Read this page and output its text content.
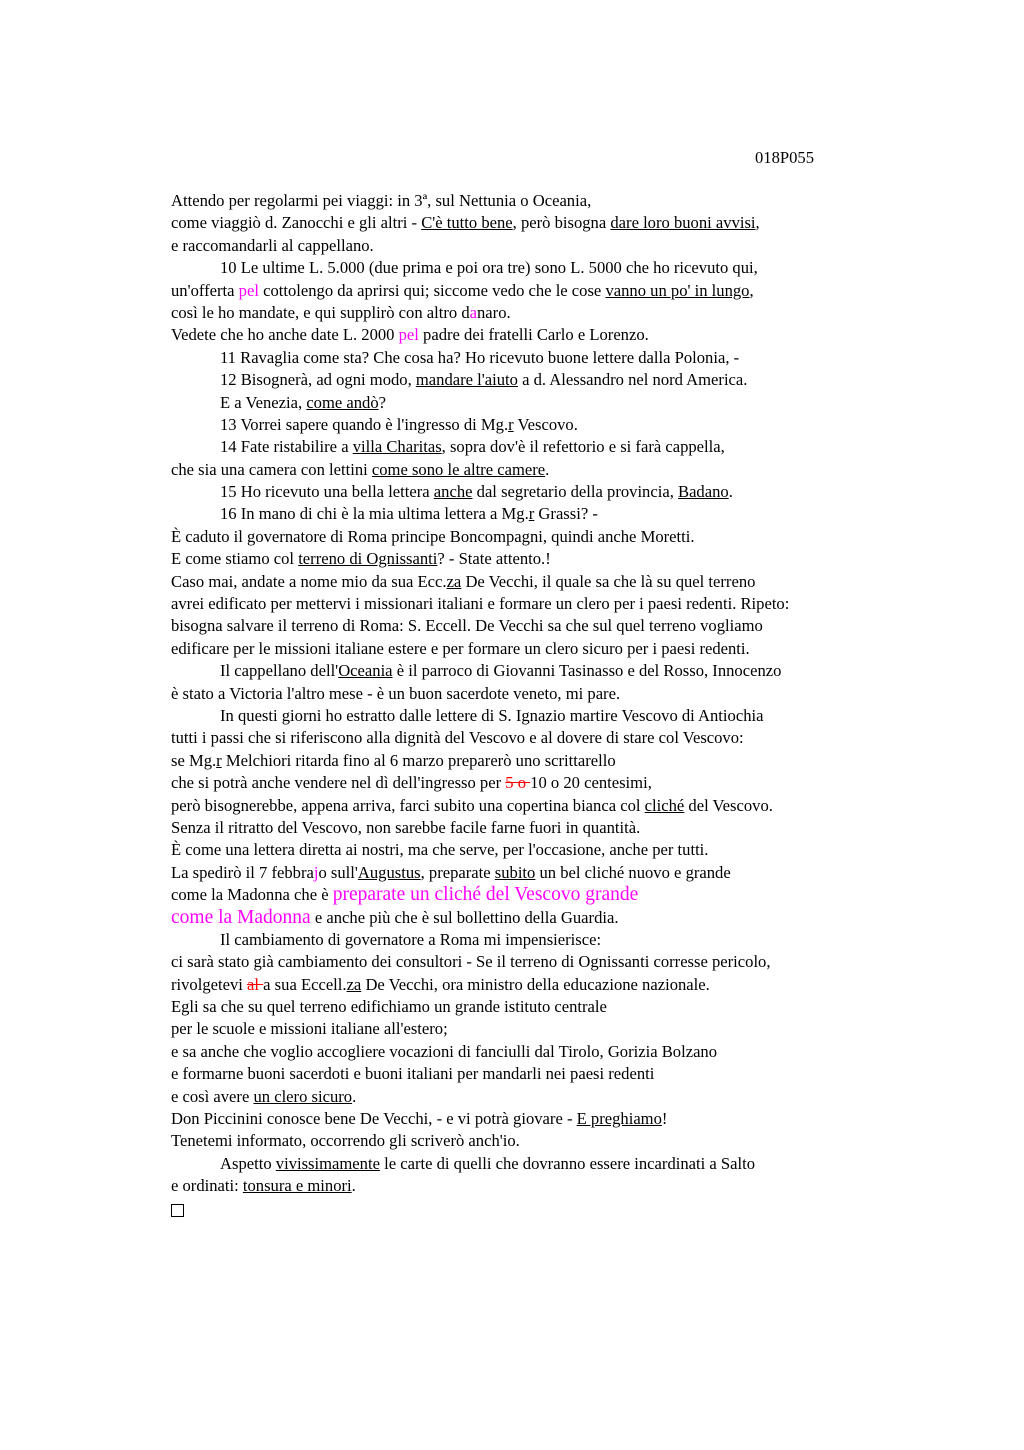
018P055
Attendo per regolarmi pei viaggi: in 3ª, sul Nettunia o Oceania,
come viaggiò d. Zanocchi e gli altri - C'è tutto bene, però bisogna dare loro buoni avvisi,
e raccomandarli al cappellano.
10 Le ultime L. 5.000 (due prima e poi ora tre) sono L. 5000 che ho ricevuto qui,
un'offerta pel cottolengo da aprirsi qui; siccome vedo che le cose vanno un po' in lungo,
così le ho mandate, e qui supplirò con altro danaro.
Vedete che ho anche date L. 2000 pel padre dei fratelli Carlo e Lorenzo.
11 Ravaglia come sta? Che cosa ha? Ho ricevuto buone lettere dalla Polonia, -
12 Bisognerà, ad ogni modo, mandare l'aiuto a d. Alessandro nel nord America.
E a Venezia, come andò?
13 Vorrei sapere quando è l'ingresso di Mg.r Vescovo.
14 Fate ristabilire a villa Charitas, sopra dov'è il refettorio e si farà cappella,
che sia una camera con lettini come sono le altre camere.
15 Ho ricevuto una bella lettera anche dal segretario della provincia, Badano.
16 In mano di chi è la mia ultima lettera a Mg.r Grassi? -
È caduto il governatore di Roma principe Boncompagni, quindi anche Moretti.
E come stiamo col terreno di Ognissanti? - State attento.!
Caso mai, andate a nome mio da sua Ecc.za De Vecchi, il quale sa che là su quel terreno
avrei edificato per mettervi i missionari italiani e formare un clero per i paesi redenti. Ripeto:
bisogna salvare il terreno di Roma: S. Eccell. De Vecchi sa che sul quel terreno vogliamo
edificare per le missioni italiane estere e per formare un clero sicuro per i paesi redenti.
Il cappellano dell'Oceania è il parroco di Giovanni Tasinasso e del Rosso, Innocenzo
è stato a Victoria l'altro mese - è un buon sacerdote veneto, mi pare.
In questi giorni ho estratto dalle lettere di S. Ignazio martire Vescovo di Antiochia
tutti i passi che si riferiscono alla dignità del Vescovo e al dovere di stare col Vescovo:
se Mg.r Melchiori ritarda fino al 6 marzo preparerò uno scrittarello
che si potrà anche vendere nel dì dell'ingresso per 5 o 10 o 20 centesimi,
però bisognerebbe, appena arriva, farci subito una copertina bianca col cliché del Vescovo.
Senza il ritratto del Vescovo, non sarebbe facile farne fuori in quantità.
È come una lettera diretta ai nostri, ma che serve, per l'occasione, anche per tutti.
La spedirò il 7 febbrajo sull'Augustus, preparate subito un bel cliché nuovo e grande
come la Madonna che è preparate un cliché del Vescovo grande
come la Madonna e anche più che è sul bollettino della Guardia.
Il cambiamento di governatore a Roma mi impensierisce:
ci sarà stato già cambiamento dei consultori - Se il terreno di Ognissanti corresse pericolo,
rivolgetevi al a sua Eccell.za De Vecchi, ora ministro della educazione nazionale.
Egli sa che su quel terreno edifichiamo un grande istituto centrale
per le scuole e missioni italiane all'estero;
e sa anche che voglio accogliere vocazioni di fanciulli dal Tirolo, Gorizia Bolzano
e formarne buoni sacerdoti e buoni italiani per mandarli nei paesi redenti
e così avere un clero sicuro.
Don Piccinini conosce bene De Vecchi, - e vi potrà giovare - E preghiamo!
Tenetemi informato, occorrendo gli scriverò anch'io.
Aspetto vivissimamente le carte di quelli che dovranno essere incardinati a Salto
e ordinati: tonsura e minori.
